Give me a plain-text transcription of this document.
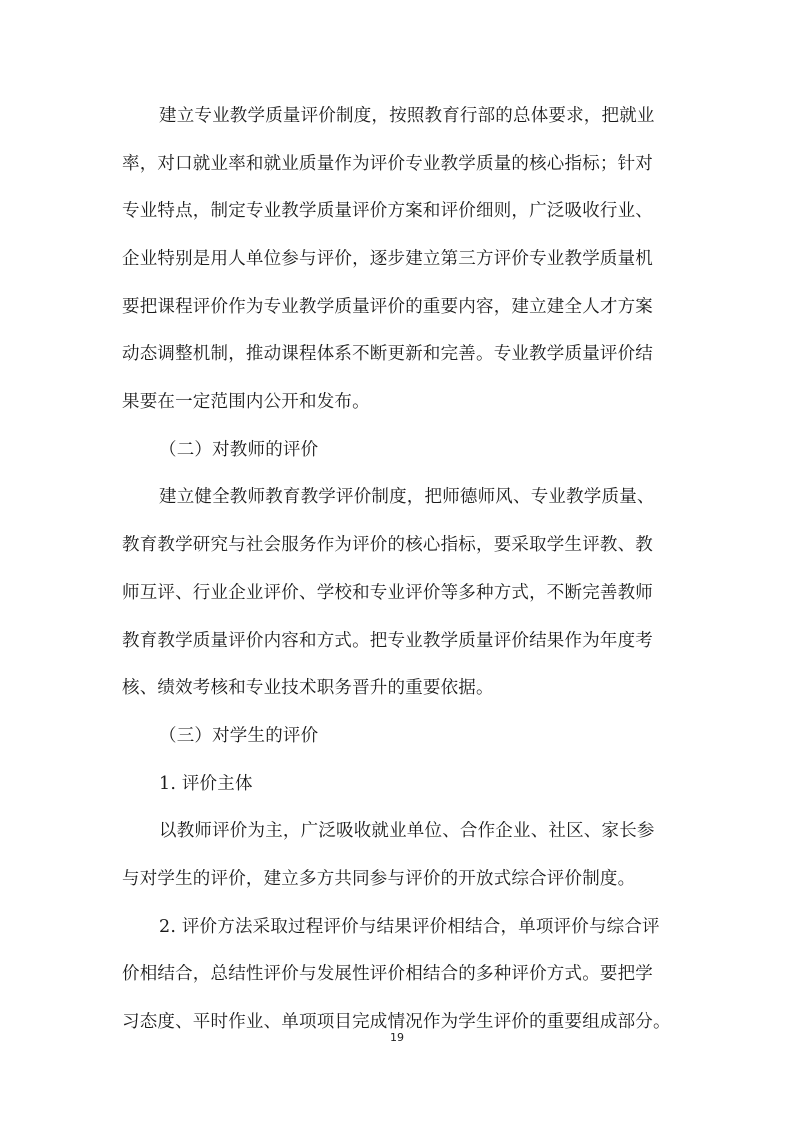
建立专业教学质量评价制度，按照教育行部的总体要求，把就业
率，对口就业率和就业质量作为评价专业教学质量的核心指标；针对
专业特点，制定专业教学质量评价方案和评价细则，广泛吸收行业、
企业特别是用人单位参与评价，逐步建立第三方评价专业教学质量机
要把课程评价作为专业教学质量评价的重要内容，建立建全人才方案
动态调整机制，推动课程体系不断更新和完善。专业教学质量评价结
果要在一定范围内公开和发布。
（二）对教师的评价
建立健全教师教育教学评价制度，把师德师风、专业教学质量、
教育教学研究与社会服务作为评价的核心指标，要采取学生评教、教
师互评、行业企业评价、学校和专业评价等多种方式，不断完善教师
教育教学质量评价内容和方式。把专业教学质量评价结果作为年度考
核、绩效考核和专业技术职务晋升的重要依据。
（三）对学生的评价
1. 评价主体
以教师评价为主，广泛吸收就业单位、合作企业、社区、家长参
与对学生的评价，建立多方共同参与评价的开放式综合评价制度。
2. 评价方法采取过程评价与结果评价相结合，单项评价与综合评
价相结合，总结性评价与发展性评价相结合的多种评价方式。要把学
习态度、平时作业、单项项目完成情况作为学生评价的重要组成部分。
19
